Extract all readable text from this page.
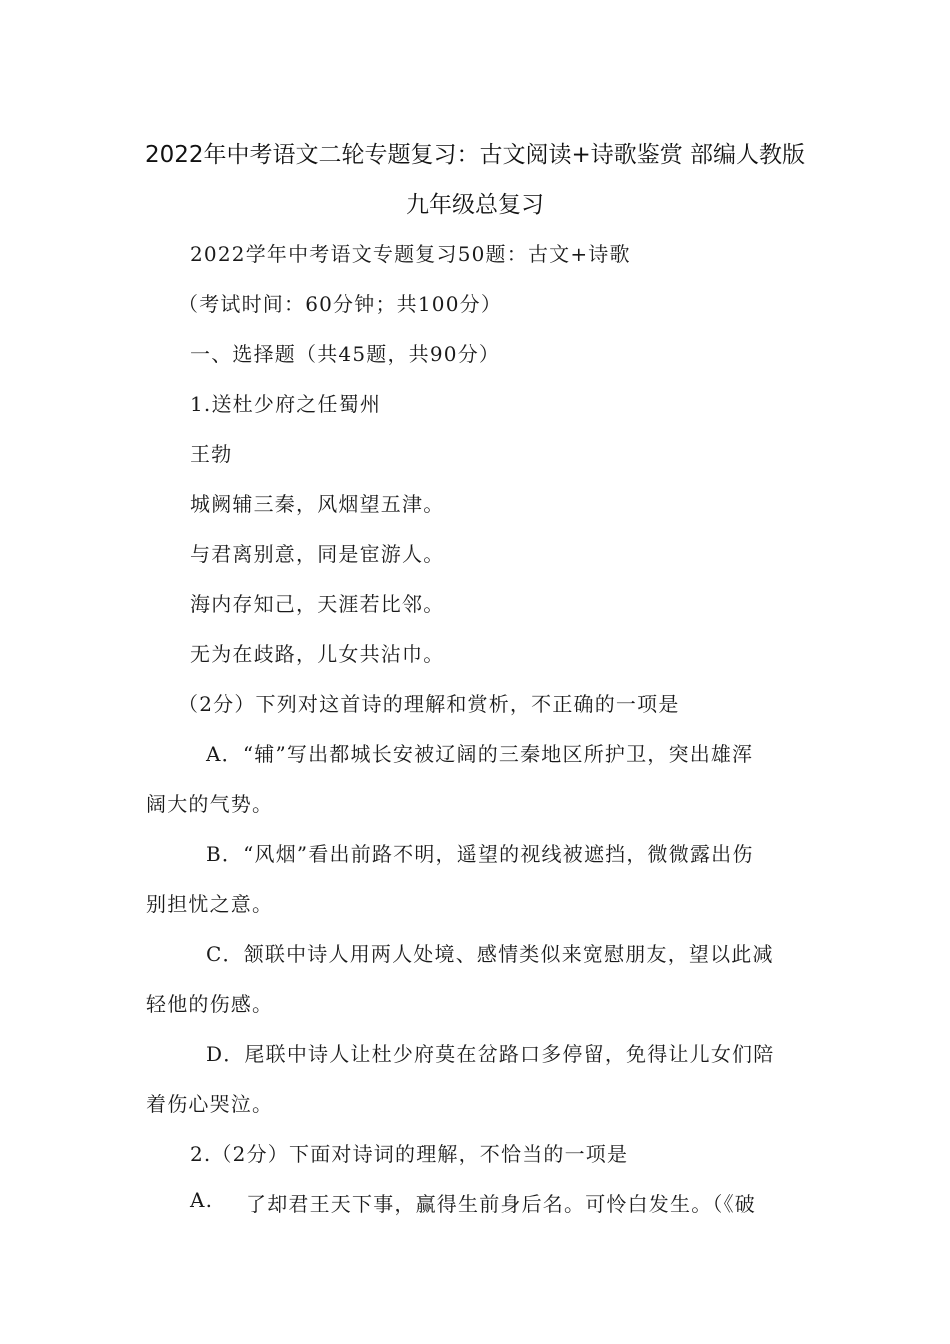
2022年中考语文二轮专题复习：古文阅读+诗歌鉴赏 部编人教版
九年级总复习
2022学年中考语文专题复习50题：古文+诗歌
（考试时间：60分钟；共100分）
一、选择题（共45题，共90分）
1.送杜少府之任蜀州
王勃
城阙辅三秦，风烟望五津。
与君离别意，同是宦游人。
海内存知己，天涯若比邻。
无为在歧路，儿女共沾巾。
（2分）下列对这首诗的理解和赏析，不正确的一项是
A．“辅”写出都城长安被辽阔的三秦地区所护卫，突出雄浑
阔大的气势。
B．“风烟”看出前路不明，遥望的视线被遮挡，微微露出伤
别担忧之意。
C．颔联中诗人用两人处境、感情类似来宽慰朋友，望以此减
轻他的伤感。
D．尾联中诗人让杜少府莫在岔路口多停留，免得让儿女们陪
着伤心哭泣。
2.（2分）下面对诗词的理解，不恰当的一项是
A. 了却君王天下事，赢得生前身后名。可怜白发生。（《破
